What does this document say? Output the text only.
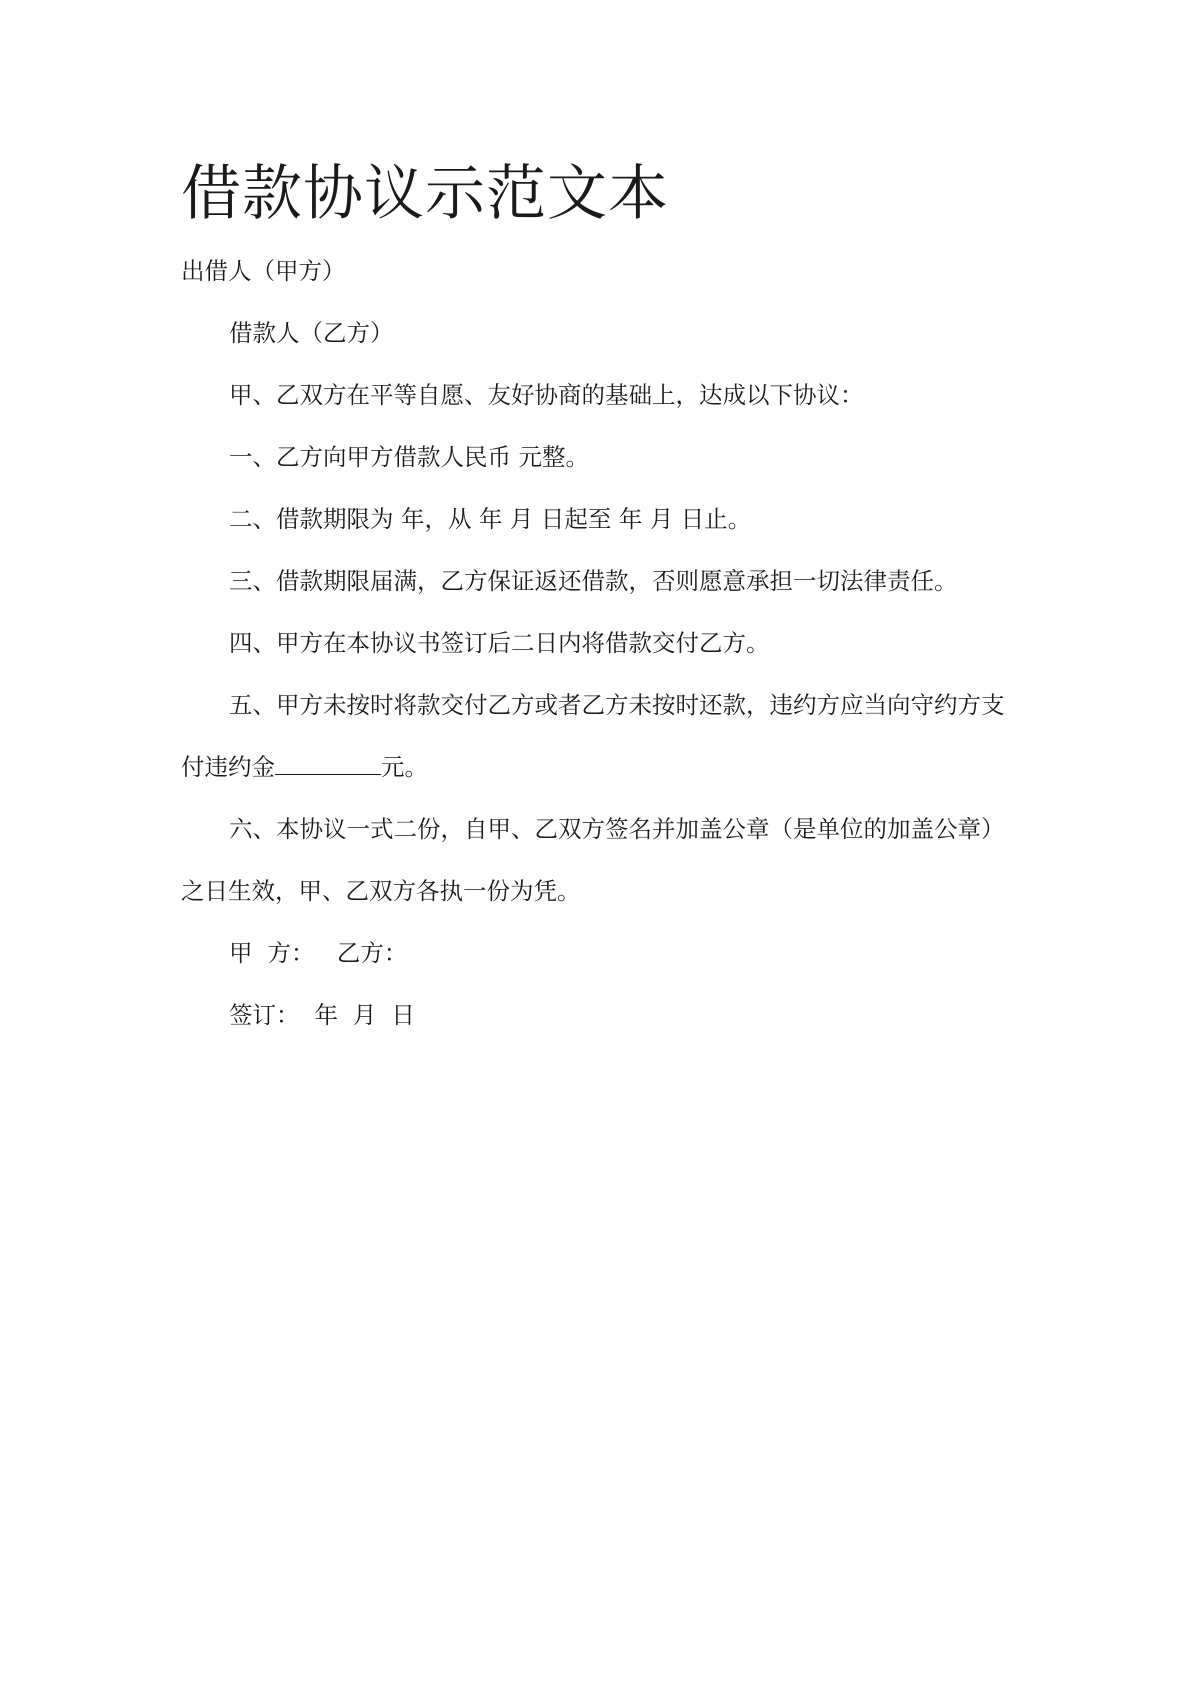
借款协议示范文本

出借人（甲方）

借款人（乙方）

甲、乙双方在平等自愿、友好协商的基础上，达成以下协议：

一、乙方向甲方借款人民币 元整。

二、借款期限为 年，从 年 月 日起至 年 月 日止。

三、借款期限届满，乙方保证返还借款，否则愿意承担一切法律责任。

四、甲方在本协议书签订后二日内将借款交付乙方。

五、甲方未按时将款交付乙方或者乙方未按时还款，违约方应当向守约方支

付违约金	元。

六、本协议一式二份，自甲、乙双方签名并加盖公章（是单位的加盖公章）

之日生效，甲、乙双方各执一份为凭。

甲  方：   乙方：

签订：  年  月  日
